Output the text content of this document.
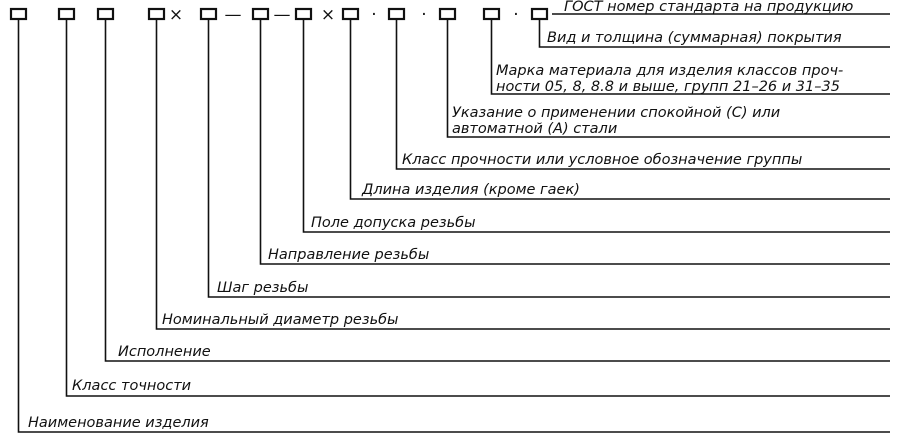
× — — × ·	·	·	ГОСТ номер стандарта на продукцию
Вид и толщина (суммарная) покрытия
Марка материала для изделия классов проч-
ности 05, 8, 8.8 и выше, групп 21–26 и 31–35
Указание о применении спокойной (С) или
автоматной (А) стали
Класс прочности или условное обозначение группы
Длина изделия (кроме гаек)
Поле допуска резьбы
Направление резьбы
Шаг резьбы
Номинальный диаметр резьбы
Исполнение
Класс точности
Наименование изделия
